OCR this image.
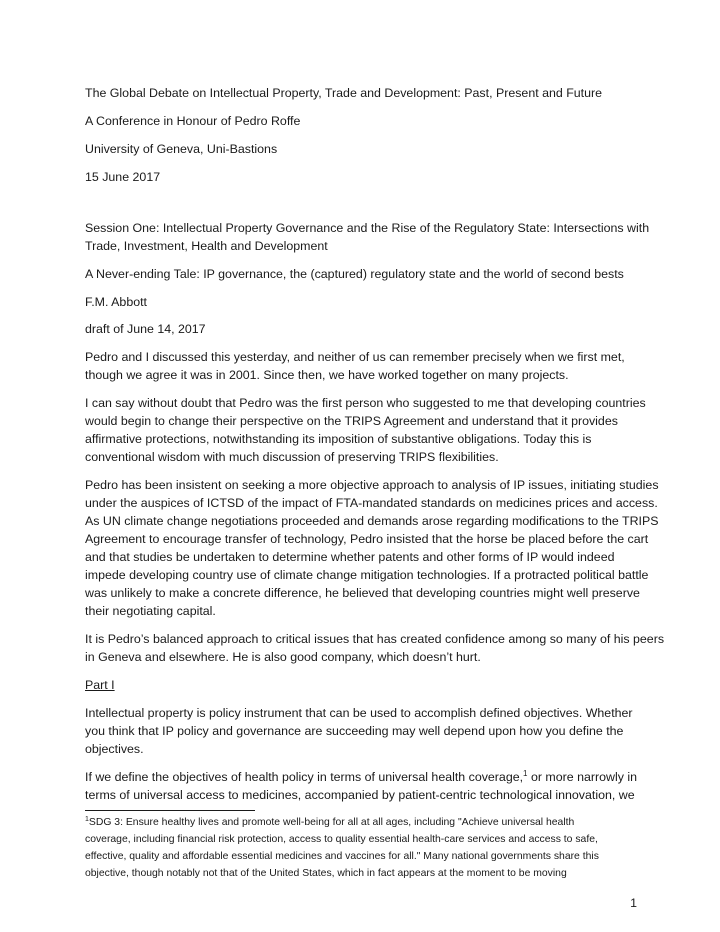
The Global Debate on Intellectual Property, Trade and Development: Past, Present and Future
A Conference in Honour of Pedro Roffe
University of Geneva, Uni-Bastions
15 June 2017
Session One: Intellectual Property Governance and the Rise of the Regulatory State: Intersections with
Trade, Investment, Health and Development
A Never-ending Tale: IP governance, the (captured) regulatory state and the world of second bests
F.M. Abbott
draft of June 14, 2017
Pedro and I discussed this yesterday, and neither of us can remember precisely when we first met,
though we agree it was in 2001. Since then, we have worked together on many projects.
I can say without doubt that Pedro was the first person who suggested to me that developing countries
would begin to change their perspective on the TRIPS Agreement and understand that it provides
affirmative protections, notwithstanding its imposition of substantive obligations. Today this is
conventional wisdom with much discussion of preserving TRIPS flexibilities.
Pedro has been insistent on seeking a more objective approach to analysis of IP issues, initiating studies
under the auspices of ICTSD of the impact of FTA-mandated standards on medicines prices and access.
As UN climate change negotiations proceeded and demands arose regarding modifications to the TRIPS
Agreement to encourage transfer of technology, Pedro insisted that the horse be placed before the cart
and that studies be undertaken to determine whether patents and other forms of IP would indeed
impede developing country use of climate change mitigation technologies. If a protracted political battle
was unlikely to make a concrete difference, he believed that developing countries might well preserve
their negotiating capital.
It is Pedro’s balanced approach to critical issues that has created confidence among so many of his peers
in Geneva and elsewhere. He is also good company, which doesn’t hurt.
Part I
Intellectual property is policy instrument that can be used to accomplish defined objectives. Whether
you think that IP policy and governance are succeeding may well depend upon how you define the
objectives.
If we define the objectives of health policy in terms of universal health coverage,$^1$ or more narrowly in
terms of universal access to medicines, accompanied by patient-centric technological innovation, we
$^1$SDG 3: Ensure healthy lives and promote well-being for all at all ages, including "Achieve universal health
coverage, including financial risk protection, access to quality essential health-care services and access to safe,
effective, quality and affordable essential medicines and vaccines for all." Many national governments share this
objective, though notably not that of the United States, which in fact appears at the moment to be moving
1
